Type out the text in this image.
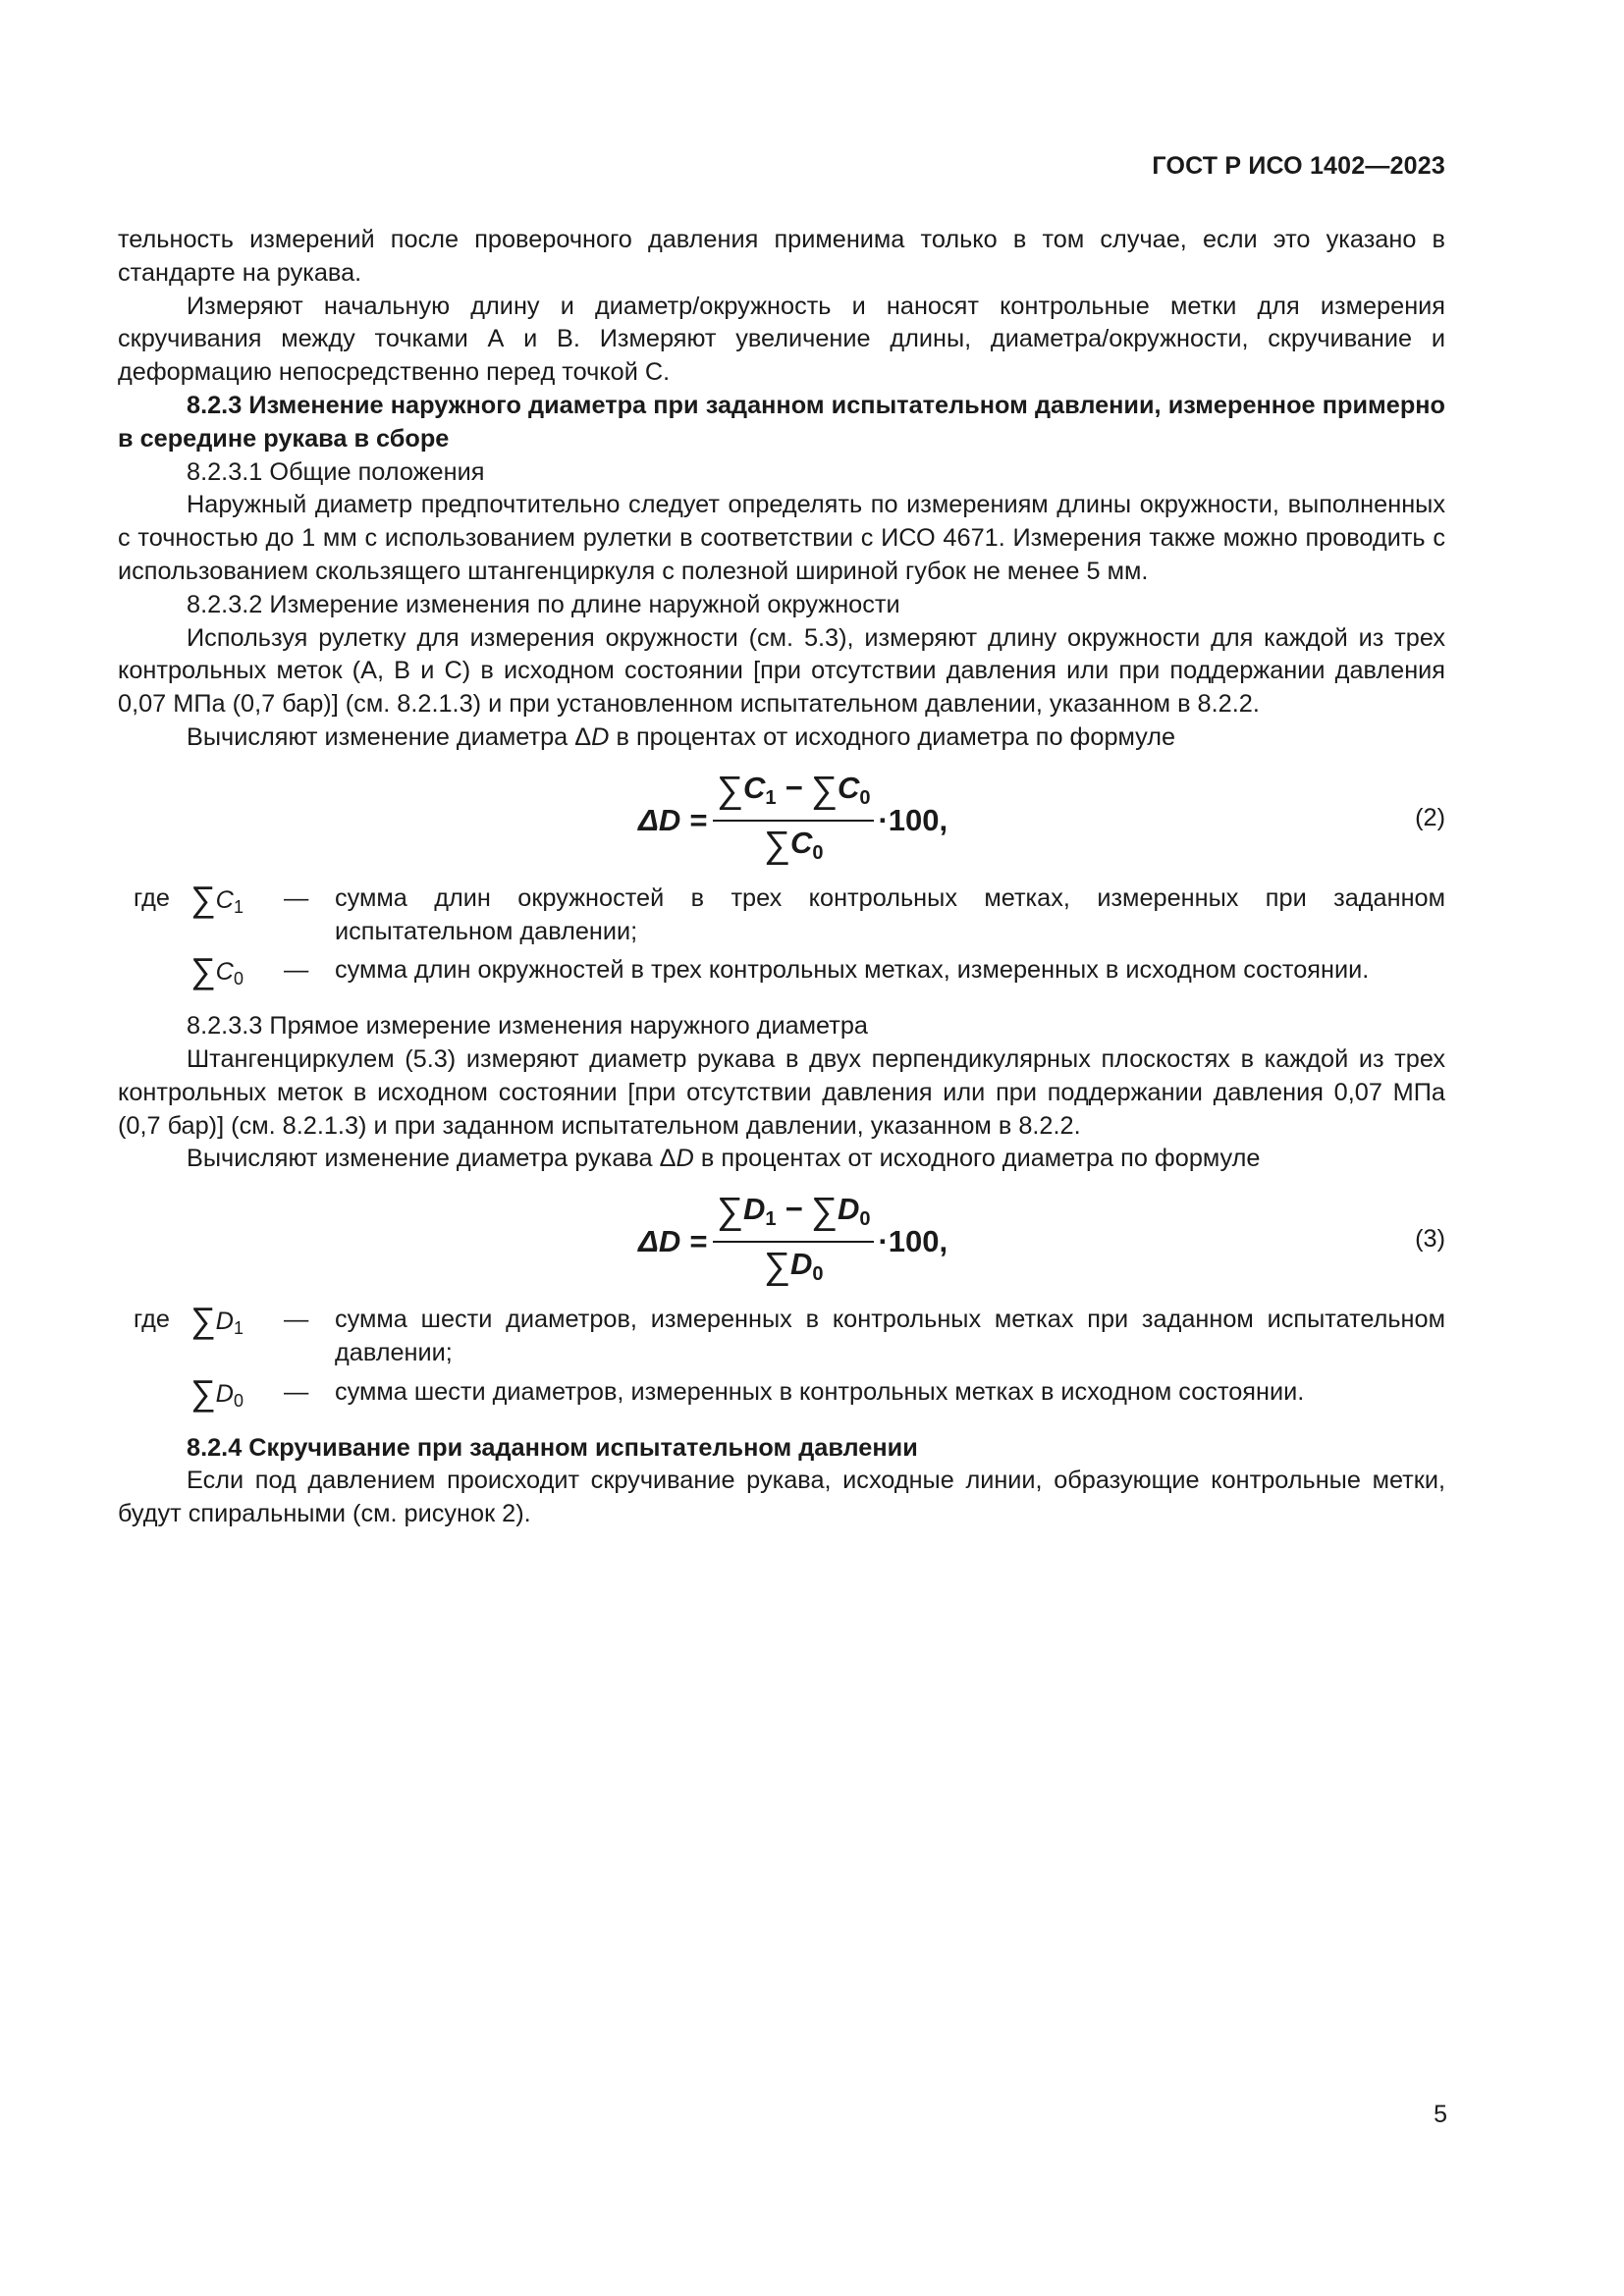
ГОСТ Р ИСО 1402—2023

тельность измерений после проверочного давления применима только в том случае, если это указано в стандарте на рукава.

Измеряют начальную длину и диаметр/окружность и наносят контрольные метки для измерения скручивания между точками А и В. Измеряют увеличение длины, диаметра/окружности, скручивание и деформацию непосредственно перед точкой С.

8.2.3 Изменение наружного диаметра при заданном испытательном давлении, измеренное примерно в середине рукава в сборе

8.2.3.1 Общие положения

Наружный диаметр предпочтительно следует определять по измерениям длины окружности, выполненных с точностью до 1 мм с использованием рулетки в соответствии с ИСО 4671. Измерения также можно проводить с использованием скользящего штангенциркуля с полезной шириной губок не менее 5 мм.

8.2.3.2 Измерение изменения по длине наружной окружности

Используя рулетку для измерения окружности (см. 5.3), измеряют длину окружности для каждой из трех контрольных меток (А, В и С) в исходном состоянии [при отсутствии давления или при поддержании давления 0,07 МПа (0,7 бар)] (см. 8.2.1.3) и при установленном испытательном давлении, указанном в 8.2.2.

Вычисляют изменение диаметра ΔD в процентах от исходного диаметра по формуле

$\Delta D = \frac{\sum C_1 - \sum C_0}{\sum C_0} \cdot 100$,	(2)
где $\sum C_1$	—	сумма длин окружностей в трех контрольных метках, измеренных при заданном испытательном давлении;
$\sum C_0$	—	сумма длин окружностей в трех контрольных метках, измеренных в исходном состоянии.

8.2.3.3 Прямое измерение изменения наружного диаметра

Штангенциркулем (5.3) измеряют диаметр рукава в двух перпендикулярных плоскостях в каждой из трех контрольных меток в исходном состоянии [при отсутствии давления или при поддержании давления 0,07 МПа (0,7 бар)] (см. 8.2.1.3) и при заданном испытательном давлении, указанном в 8.2.2.

Вычисляют изменение диаметра рукава ΔD в процентах от исходного диаметра по формуле

$\Delta D = \frac{\sum D_1 - \sum D_0}{\sum D_0} \cdot 100$,	(3)
где $\sum D_1$	—	сумма шести диаметров, измеренных в контрольных метках при заданном испытательном давлении;
$\sum D_0$	—	сумма шести диаметров, измеренных в контрольных метках в исходном состоянии.

8.2.4 Скручивание при заданном испытательном давлении

Если под давлением происходит скручивание рукава, исходные линии, образующие контрольные метки, будут спиральными (см. рисунок 2).

5
